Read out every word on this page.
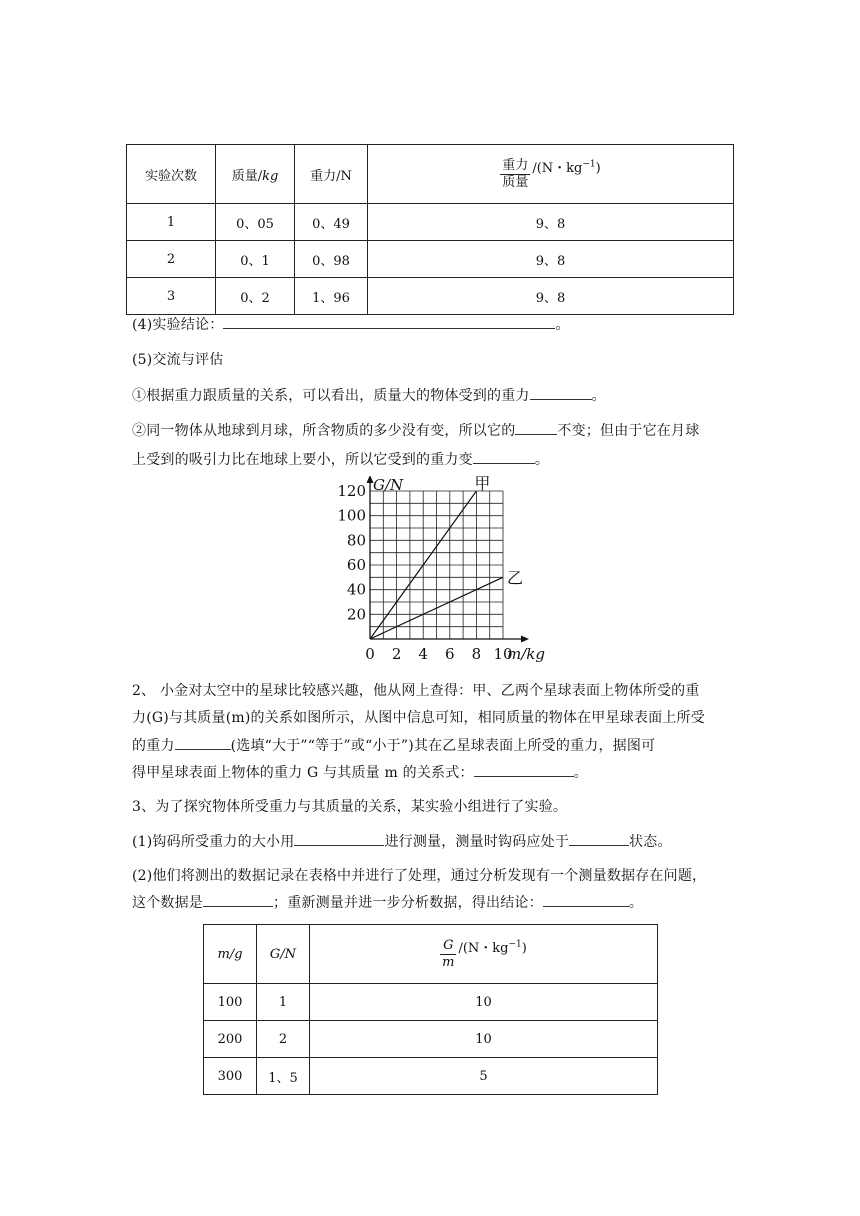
实验次数	质量/kg	重力/N	$\frac{\text{重力}}{\text{质量}} /(N$・$kg^{-1}$)
1	0、05	0、49	9、8
2	0、1	0、98	9、8
3	0、2	1、96	9、8
(4)实验结论：	。
(5)交流与评估
①根据重力跟质量的关系，可以看出，质量大的物体受到的重力	。
②同一物体从地球到月球，所含物质的多少没有变，所以它的	不变；但由于它在月球
上受到的吸引力比在地球上要小，所以它受到的重力变	。
甲
乙
20
40
60
80
100
120
0 2 4 6 8 10
G/N
m/kg
2、 小金对太空中的星球比较感兴趣，他从网上查得：甲、乙两个星球表面上物体所受的重
力(G)与其质量(m)的关系如图所示，从图中信息可知，相同质量的物体在甲星球表面上所受
的重力	(选填“大于”“等于”或“小于”)其在乙星球表面上所受的重力，据图可
得甲星球表面上物体的重力 G 与其质量 m 的关系式：	。
3、为了探究物体所受重力与其质量的关系，某实验小组进行了实验。
(1)钩码所受重力的大小用	进行测量，测量时钩码应处于	状态。
(2)他们将测出的数据记录在表格中并进行了处理，通过分析发现有一个测量数据存在问题，
这个数据是	；重新测量并进一步分析数据，得出结论：	。
m/g	G/N	$\frac{G}{m} /(N$・$kg^{-1}$)
100	1	10
200	2	10
300	1、5	5
